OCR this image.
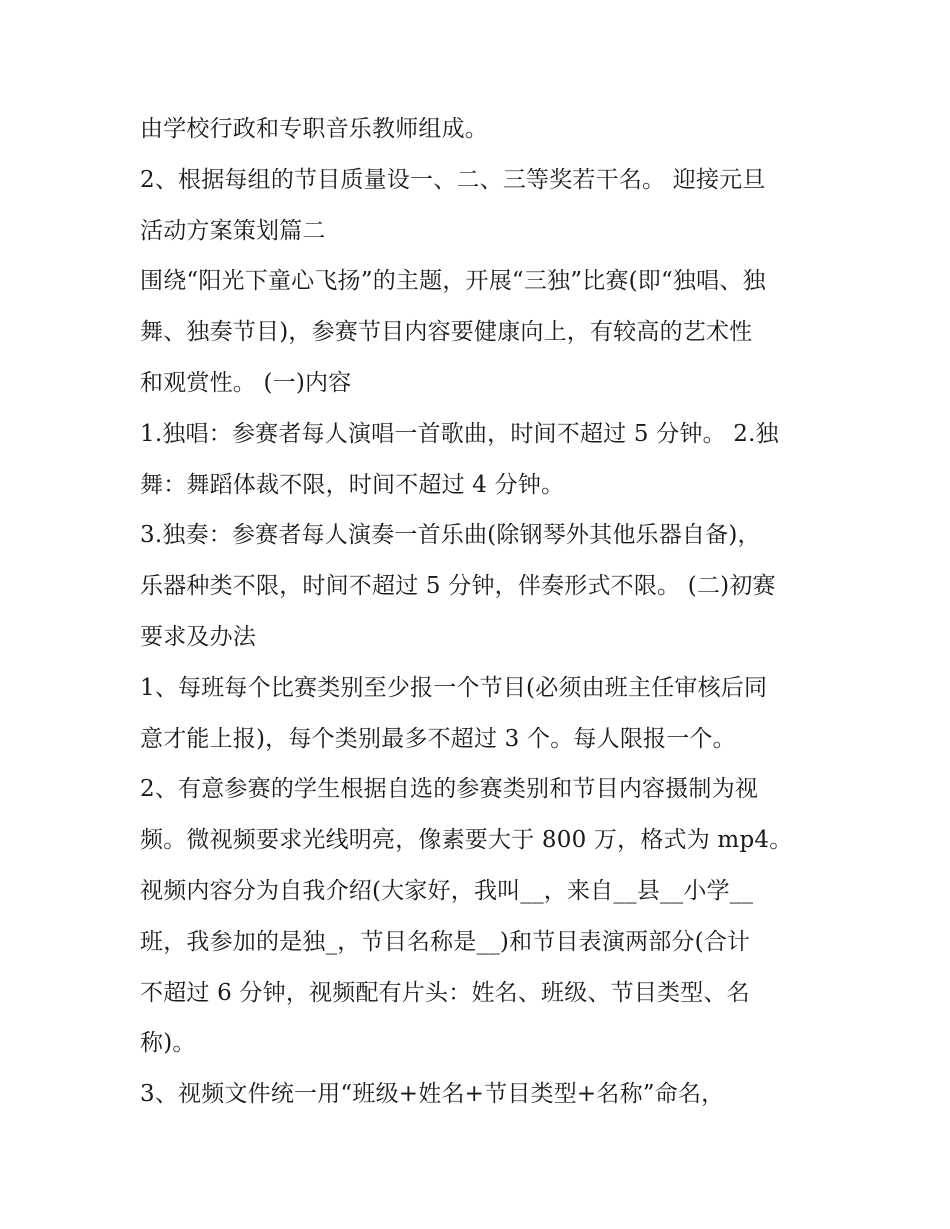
由学校行政和专职音乐教师组成。
2、根据每组的节目质量设一、二、三等奖若干名。 迎接元旦
活动方案策划篇二
围绕“阳光下童心飞扬”的主题，开展“三独”比赛(即“独唱、独
舞、独奏节目)，参赛节目内容要健康向上，有较高的艺术性
和观赏性。 (一)内容
1.独唱：参赛者每人演唱一首歌曲，时间不超过 5 分钟。 2.独
舞：舞蹈体裁不限，时间不超过 4 分钟。
3.独奏：参赛者每人演奏一首乐曲(除钢琴外其他乐器自备)，
乐器种类不限，时间不超过 5 分钟，伴奏形式不限。 (二)初赛
要求及办法
1、每班每个比赛类别至少报一个节目(必须由班主任审核后同
意才能上报)，每个类别最多不超过 3 个。每人限报一个。
2、有意参赛的学生根据自选的参赛类别和节目内容摄制为视
频。微视频要求光线明亮，像素要大于 800 万，格式为 mp4。
视频内容分为自我介绍(大家好，我叫__，来自__县__小学__
班，我参加的是独_，节目名称是__)和节目表演两部分(合计
不超过 6 分钟，视频配有片头：姓名、班级、节目类型、名
称)。
3、视频文件统一用“班级+姓名+节目类型+名称”命名，
